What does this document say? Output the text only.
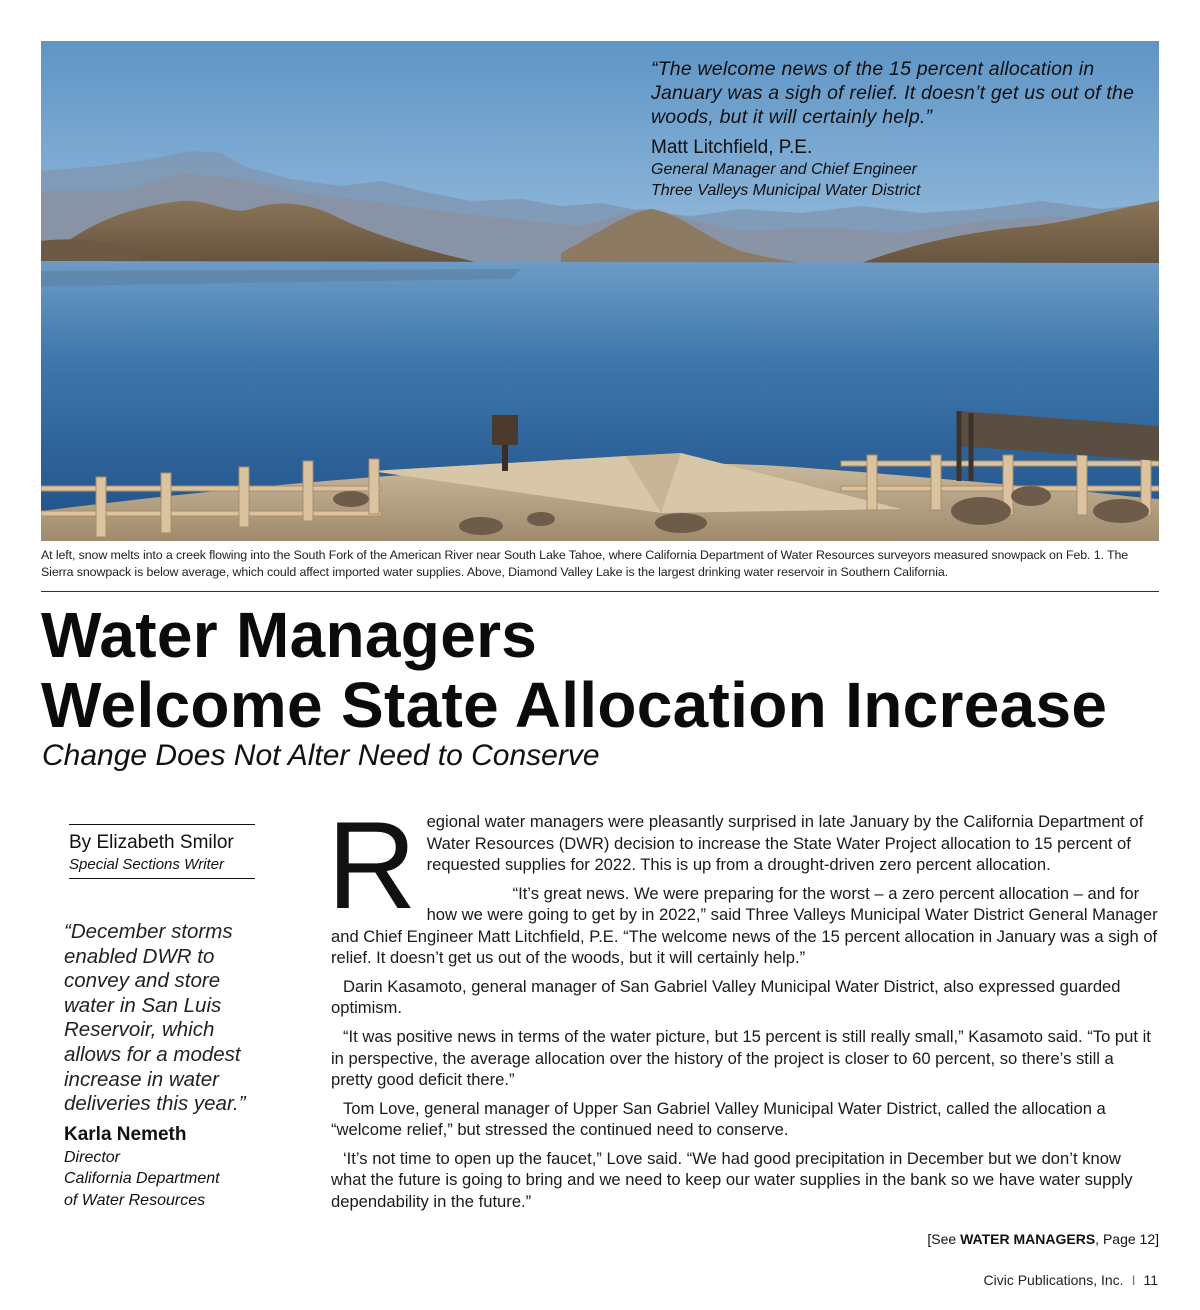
“The welcome news of the 15 percent allocation in January was a sigh of relief. It doesn’t get us out of the woods, but it will certainly help.”
Matt Litchfield, P.E.
General Manager and Chief Engineer
Three Valleys Municipal Water District
At left, snow melts into a creek flowing into the South Fork of the American River near South Lake Tahoe, where California Department of Water Resources surveyors measured snowpack on Feb. 1. The Sierra snowpack is below average, which could affect imported water supplies. Above, Diamond Valley Lake is the largest drinking water reservoir in Southern California.
Water Managers
Welcome State Allocation Increase
Change Does Not Alter Need to Conserve
By Elizabeth Smilor
Special Sections Writer
“December storms enabled DWR to convey and store water in San Luis Reservoir, which allows for a modest increase in water deliveries this year.”
Karla Nemeth
Director
California Department
of Water Resources
R egional water managers were pleasantly surprised in late January by the California Department of Water Resources (DWR) decision to increase the State Water Project allocation to 15 percent of requested supplies for 2022. This is up from a drought-driven zero percent allocation.

“It’s great news. We were preparing for the worst – a zero percent allocation – and for how we were going to get by in 2022,” said Three Valleys Municipal Water District General Manager and Chief Engineer Matt Litchfield, P.E. “The welcome news of the 15 percent allocation in January was a sigh of relief. It doesn’t get us out of the woods, but it will certainly help.”

Darin Kasamoto, general manager of San Gabriel Valley Municipal Water District, also expressed guarded optimism.

“It was positive news in terms of the water picture, but 15 percent is still really small,” Kasamoto said. “To put it in perspective, the average allocation over the history of the project is closer to 60 percent, so there’s still a pretty good deficit there.”

Tom Love, general manager of Upper San Gabriel Valley Municipal Water District, called the allocation a “welcome relief,” but stressed the continued need to conserve.

‘It’s not time to open up the faucet,” Love said. “We had good precipitation in December but we don’t know what the future is going to bring and we need to keep our water supplies in the bank so we have water supply dependability in the future.”

[See WATER MANAGERS, Page 12]
Civic Publications, Inc. I 11
